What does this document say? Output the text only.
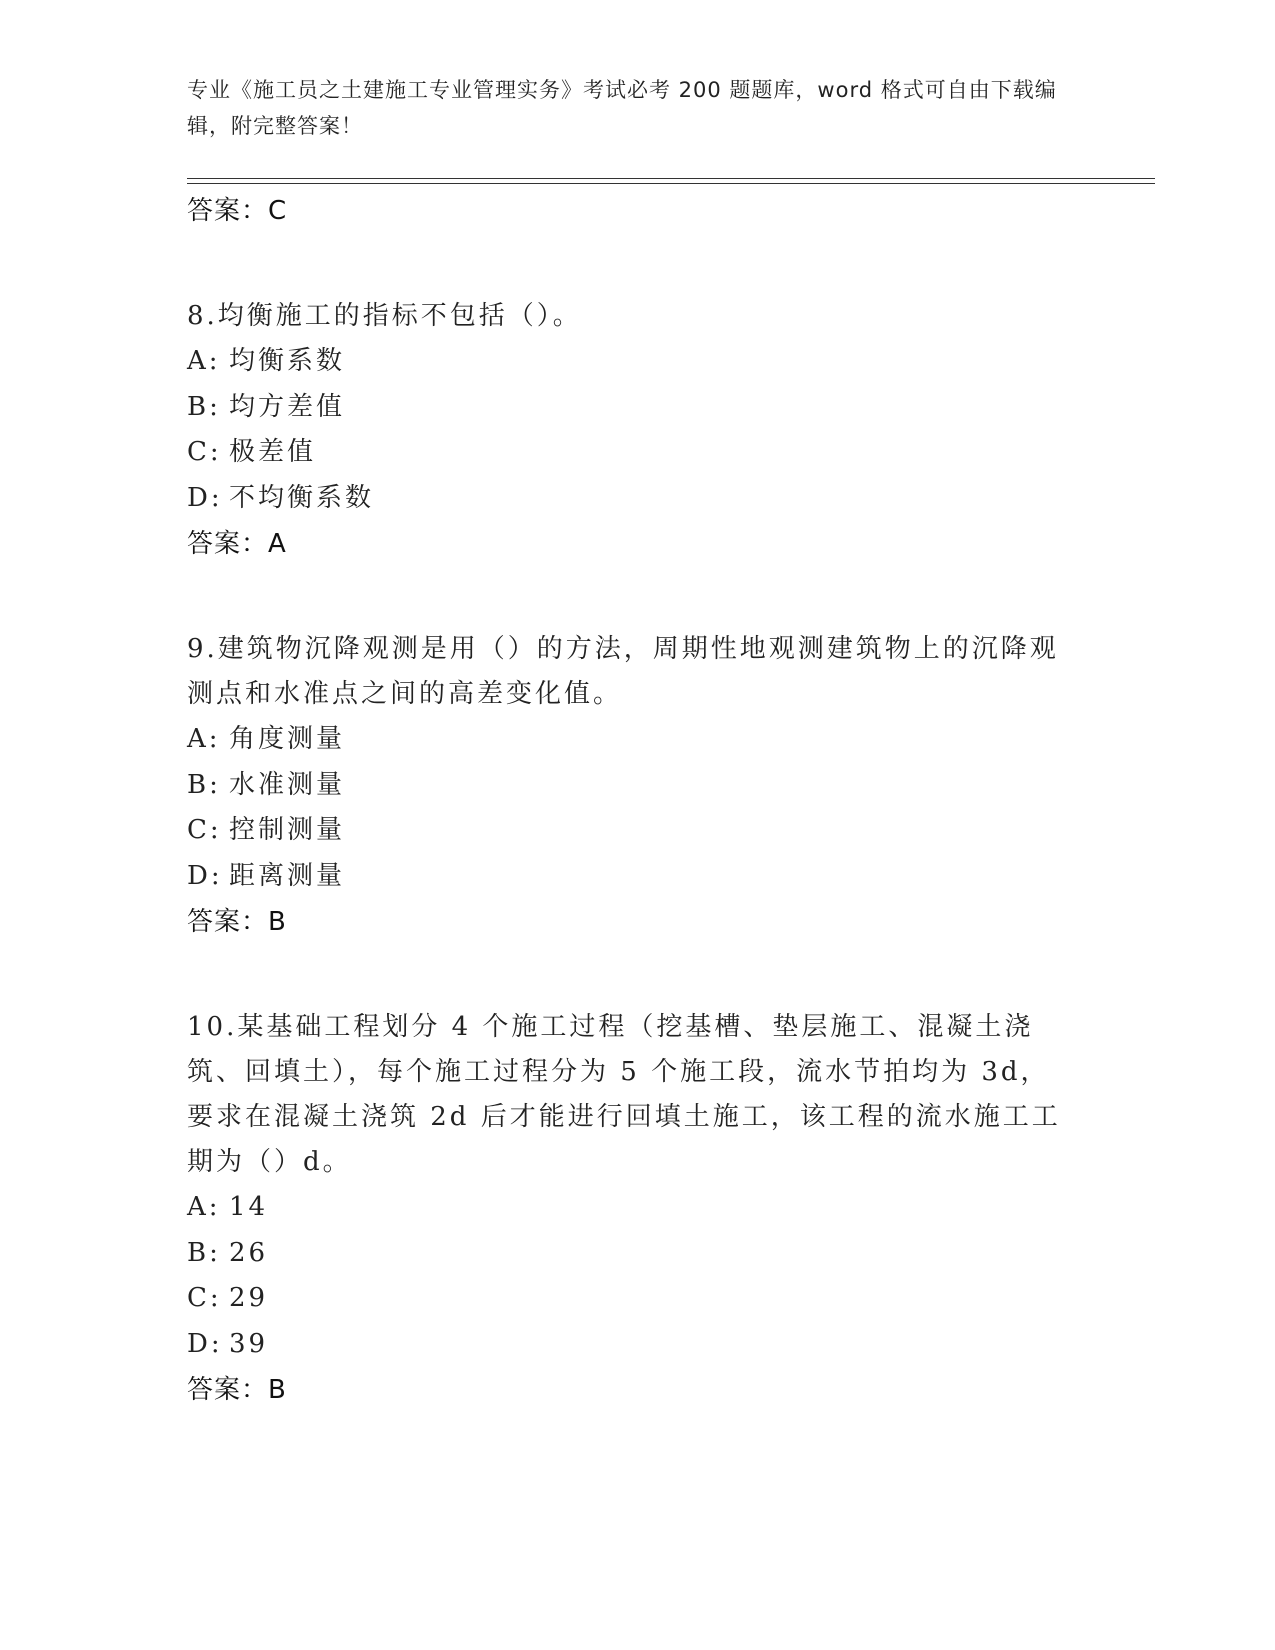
专业《施工员之土建施工专业管理实务》考试必考 200 题题库，word 格式可自由下载编辑，附完整答案！

答案：C

8.均衡施工的指标不包括（）。

A: 均衡系数

B: 均方差值

C: 极差值

D: 不均衡系数

答案：A

9.建筑物沉降观测是用（）的方法，周期性地观测建筑物上的沉降观测点和水准点之间的高差变化值。

A: 角度测量

B: 水准测量

C: 控制测量

D: 距离测量

答案：B

10.某基础工程划分 4 个施工过程（挖基槽、垫层施工、混凝土浇筑、回填土），每个施工过程分为 5 个施工段，流水节拍均为 3d，要求在混凝土浇筑 2d 后才能进行回填土施工，该工程的流水施工工期为（）d。

A: 14

B: 26

C: 29

D: 39

答案：B
